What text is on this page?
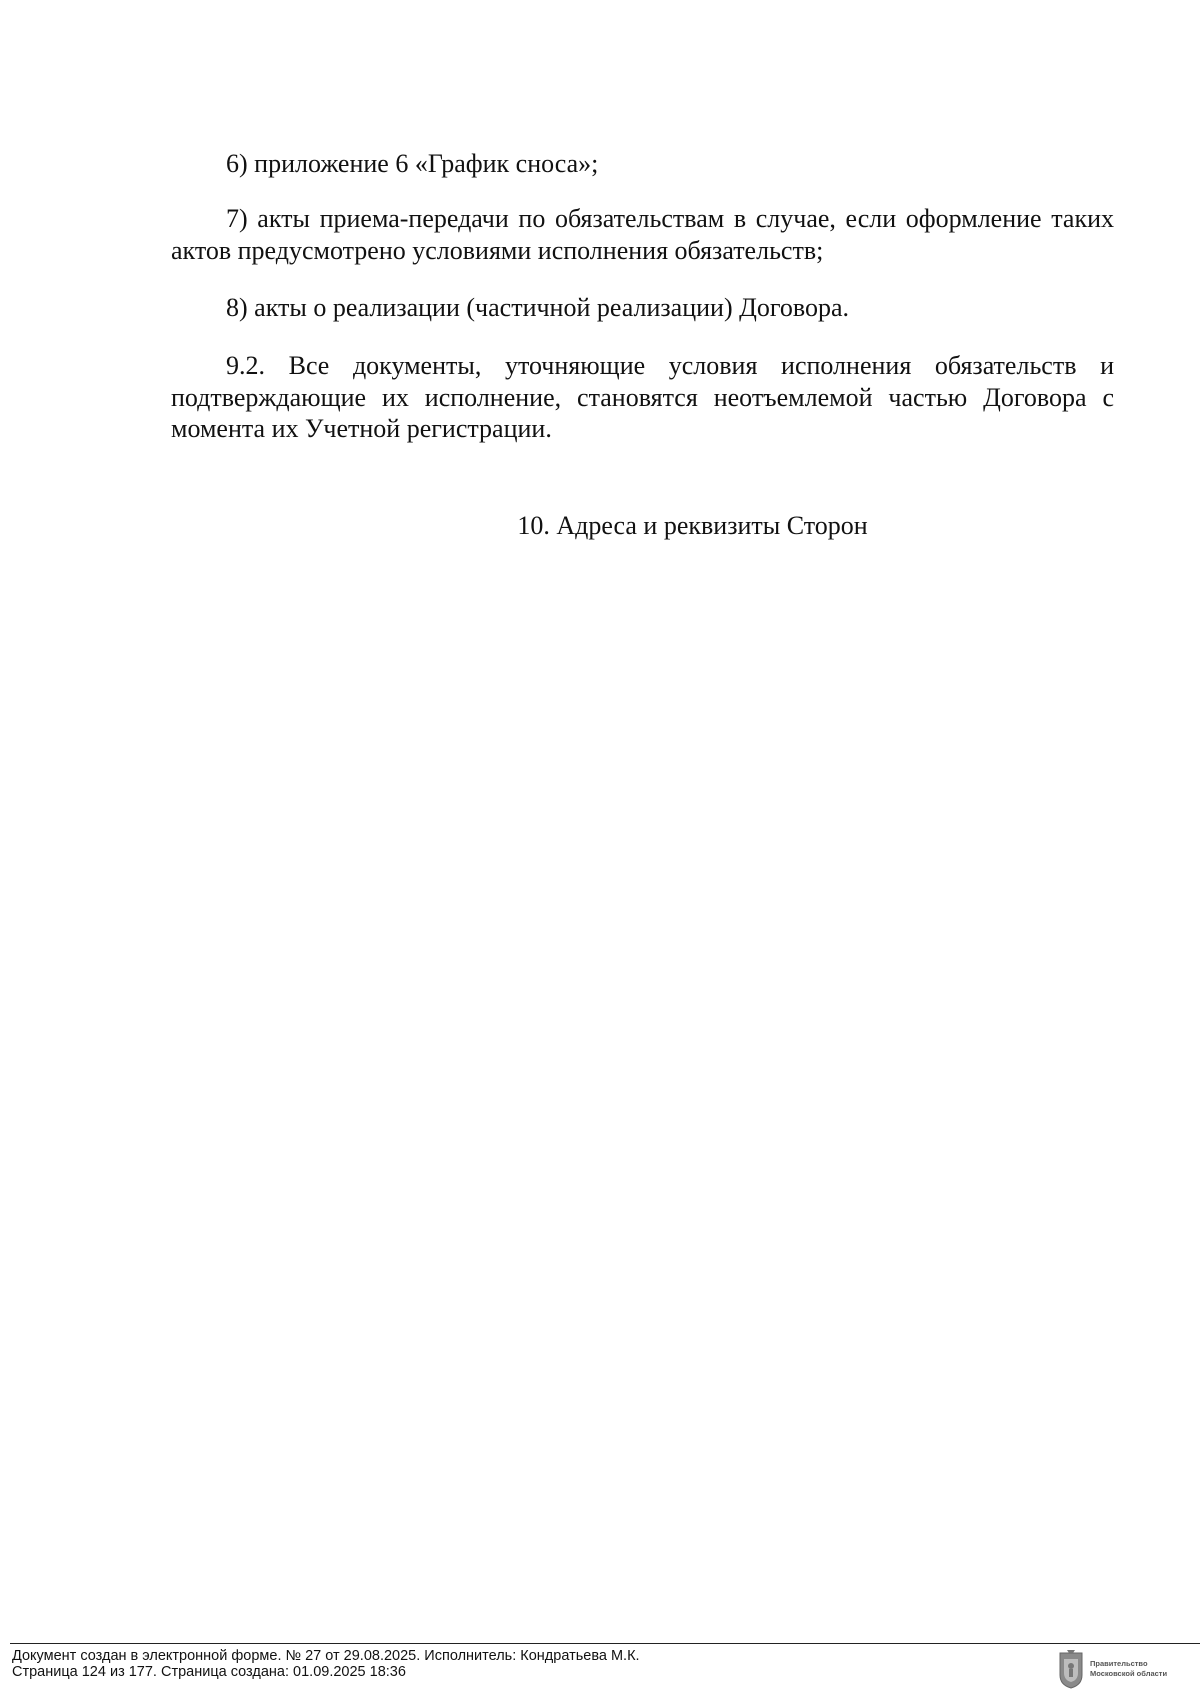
6) приложение 6 «График сноса»;

7) акты приема-передачи по обязательствам в случае, если оформление таких актов предусмотрено условиями исполнения обязательств;

8) акты о реализации (частичной реализации) Договора.

9.2. Все документы, уточняющие условия исполнения обязательств и подтверждающие их исполнение, становятся неотъемлемой частью Договора с момента их Учетной регистрации.

10. Адреса и реквизиты Сторон
Документ создан в электронной форме. № 27 от 29.08.2025. Исполнитель: Кондратьева М.К.
Страница 124 из 177. Страница создана: 01.09.2025 18:36
Правительство
Московской области
